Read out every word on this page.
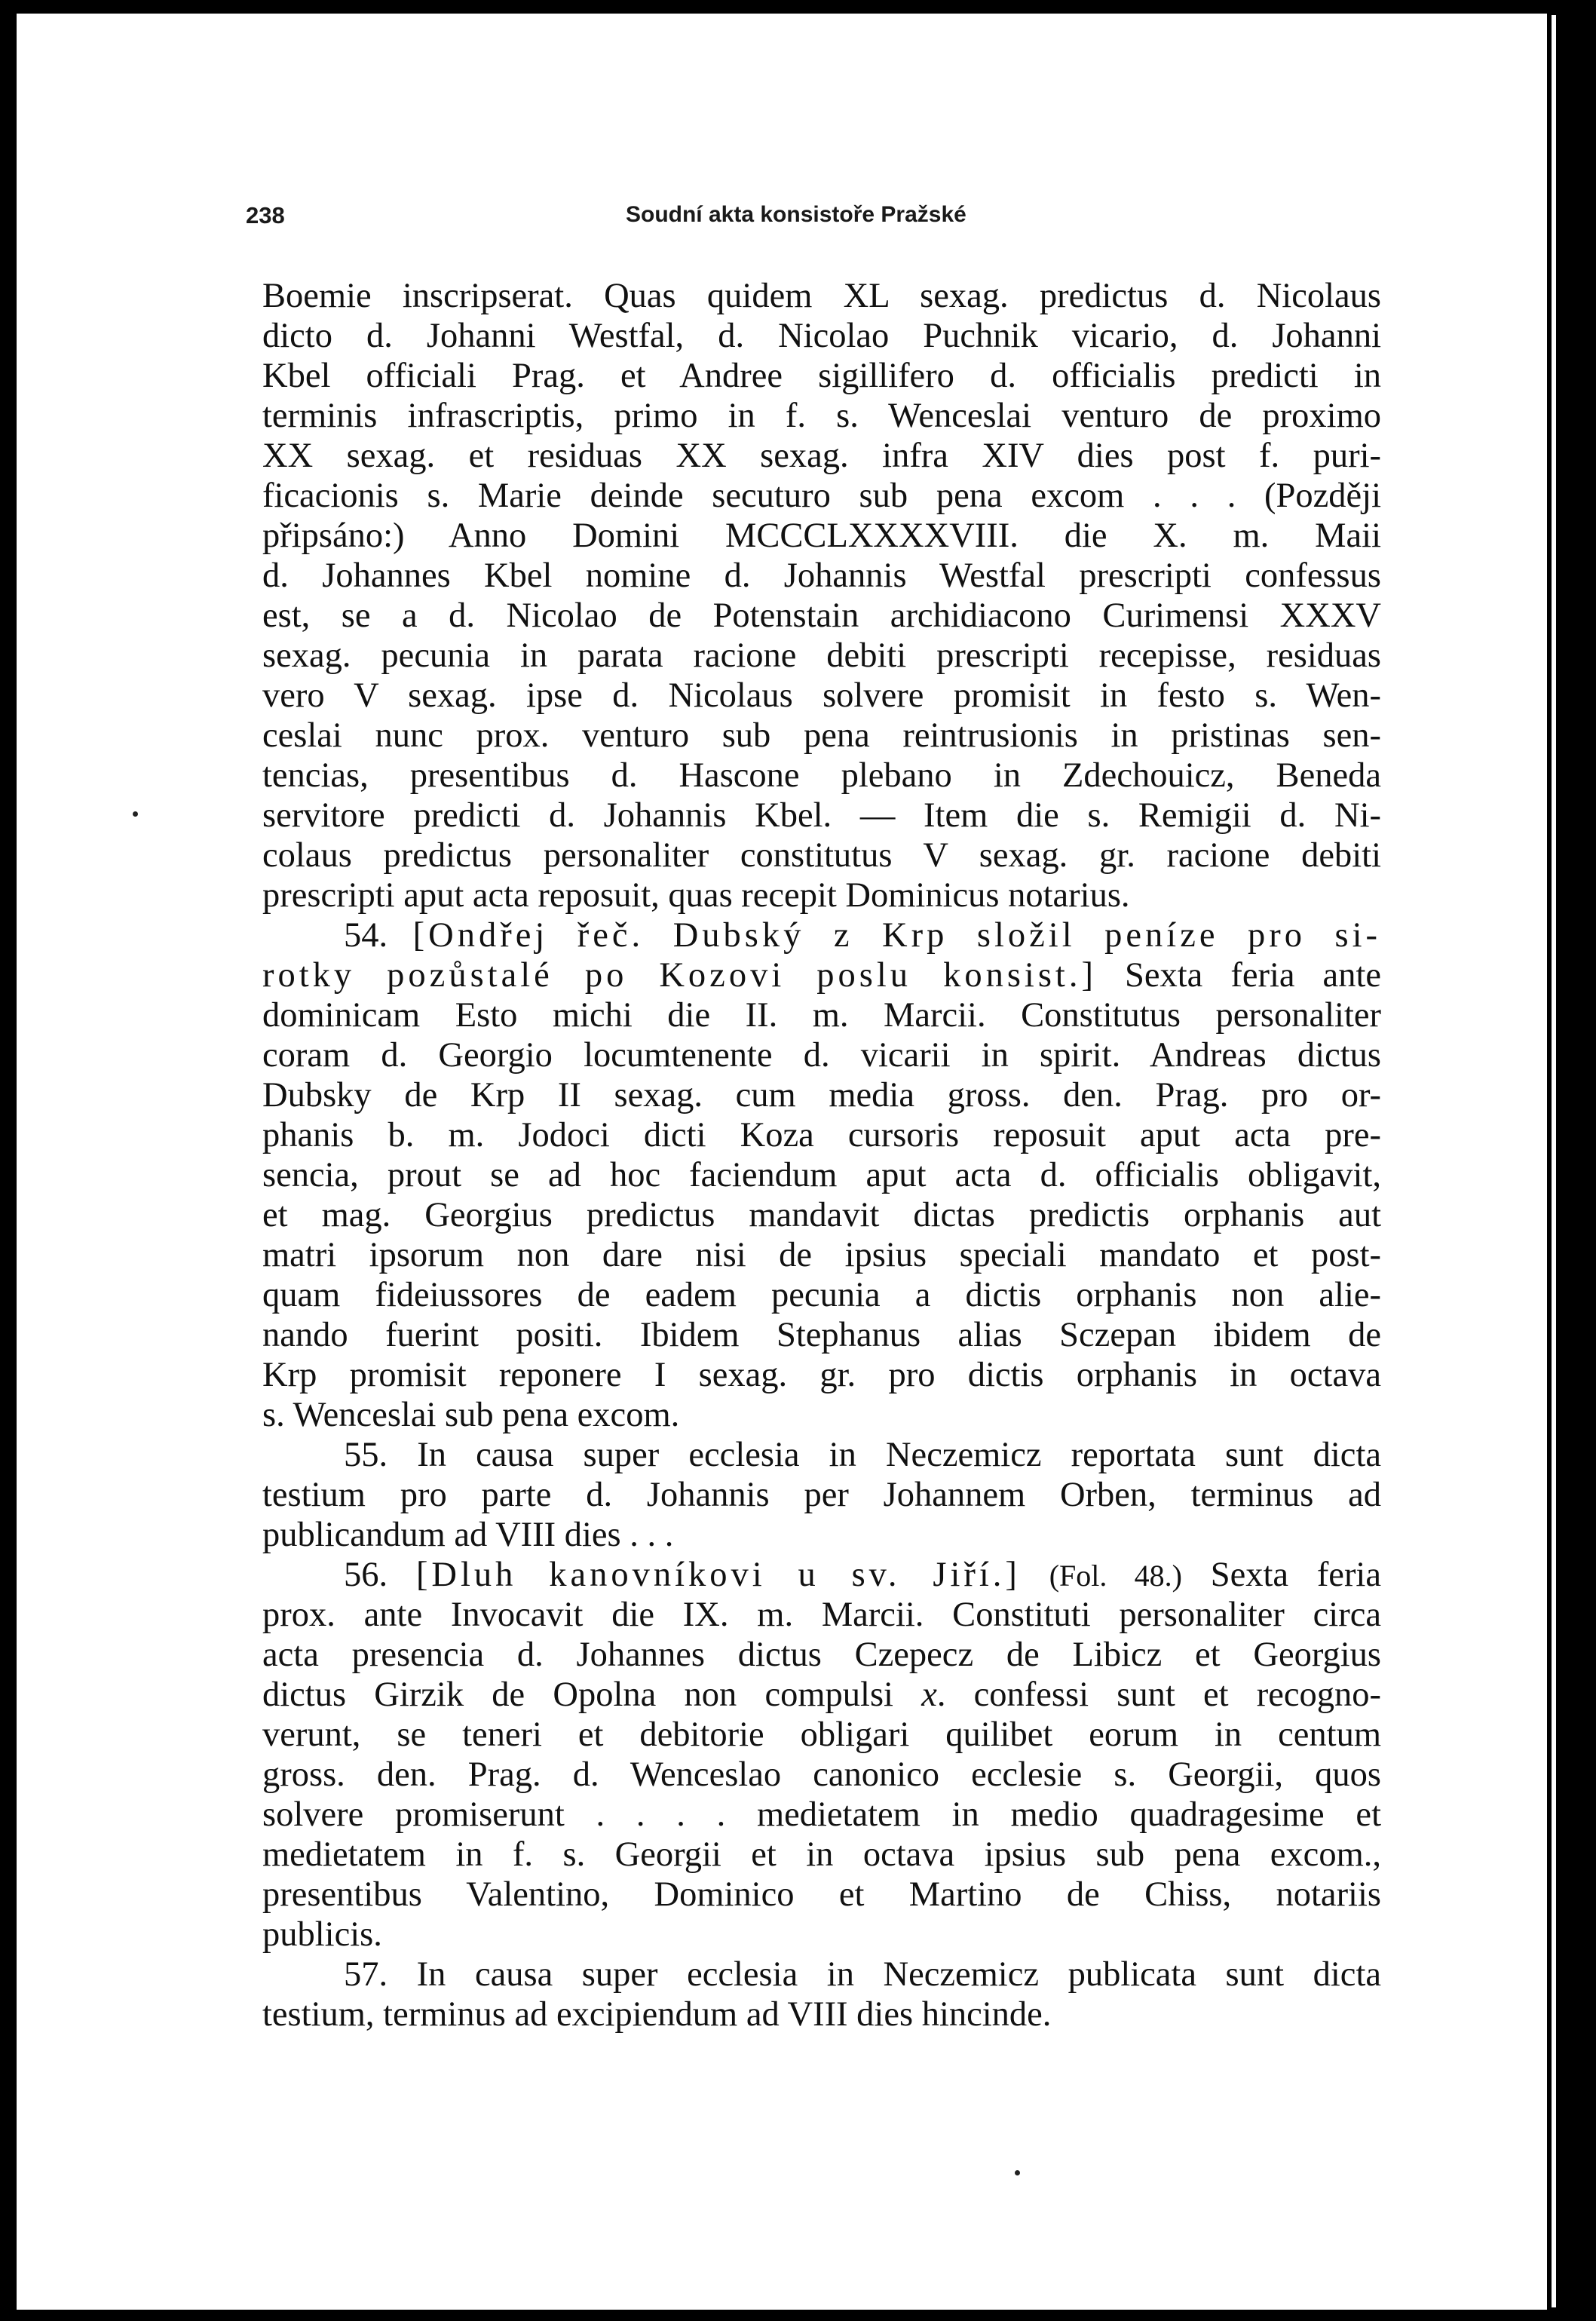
238	Soudní akta konsistoře Pražské
Boemie inscripserat. Quas quidem XL sexag. predictus d. Nicolaus
dicto d. Johanni Westfal, d. Nicolao Puchnik vicario, d. Johanni
Kbel officiali Prag. et Andree sigillifero d. officialis predicti in
terminis infrascriptis, primo in f. s. Wenceslai venturo de proximo
XX sexag. et residuas XX sexag. infra XIV dies post f. puri-
ficacionis s. Marie deinde secuturo sub pena excom . . . (Později
připsáno:) Anno Domini MCCCLXXXXVIII. die X. m. Maii
d. Johannes Kbel nomine d. Johannis Westfal prescripti confessus
est, se a d. Nicolao de Potenstain archidiacono Curimensi XXXV
sexag. pecunia in parata racione debiti prescripti recepisse, residuas
vero V sexag. ipse d. Nicolaus solvere promisit in festo s. Wen-
ceslai nunc prox. venturo sub pena reintrusionis in pristinas sen-
tencias, presentibus d. Hascone plebano in Zdechouicz, Beneda
servitore predicti d. Johannis Kbel. — Item die s. Remigii d. Ni-
colaus predictus personaliter constitutus V sexag. gr. racione debiti
prescripti aput acta reposuit, quas recepit Dominicus notarius.
54. [Ondřej řeč. Dubský z Krp složil peníze pro si-
rotky pozůstalé po Kozovi poslu konsist.] Sexta feria ante
dominicam Esto michi die II. m. Marcii. Constitutus personaliter
coram d. Georgio locumtenente d. vicarii in spirit. Andreas dictus
Dubsky de Krp II sexag. cum media gross. den. Prag. pro or-
phanis b. m. Jodoci dicti Koza cursoris reposuit aput acta pre-
sencia, prout se ad hoc faciendum aput acta d. officialis obligavit,
et mag. Georgius predictus mandavit dictas predictis orphanis aut
matri ipsorum non dare nisi de ipsius speciali mandato et post-
quam fideiussores de eadem pecunia a dictis orphanis non alie-
nando fuerint positi. Ibidem Stephanus alias Sczepan ibidem de
Krp promisit reponere I sexag. gr. pro dictis orphanis in octava
s. Wenceslai sub pena excom.
55. In causa super ecclesia in Neczemicz reportata sunt dicta
testium pro parte d. Johannis per Johannem Orben, terminus ad
publicandum ad VIII dies . . .
56. [Dluh kanovníkovi u sv. Jiří.] (Fol. 48.) Sexta feria
prox. ante Invocavit die IX. m. Marcii. Constituti personaliter circa
acta presencia d. Johannes dictus Czepecz de Libicz et Georgius
dictus Girzik de Opolna non compulsi x. confessi sunt et recogno-
verunt, se teneri et debitorie obligari quilibet eorum in centum
gross. den. Prag. d. Wenceslao canonico ecclesie s. Georgii, quos
solvere promiserunt . . . . medietatem in medio quadragesime et
medietatem in f. s. Georgii et in octava ipsius sub pena excom.,
presentibus Valentino, Dominico et Martino de Chiss, notariis
publicis.
57. In causa super ecclesia in Neczemicz publicata sunt dicta
testium, terminus ad excipiendum ad VIII dies hincinde.
